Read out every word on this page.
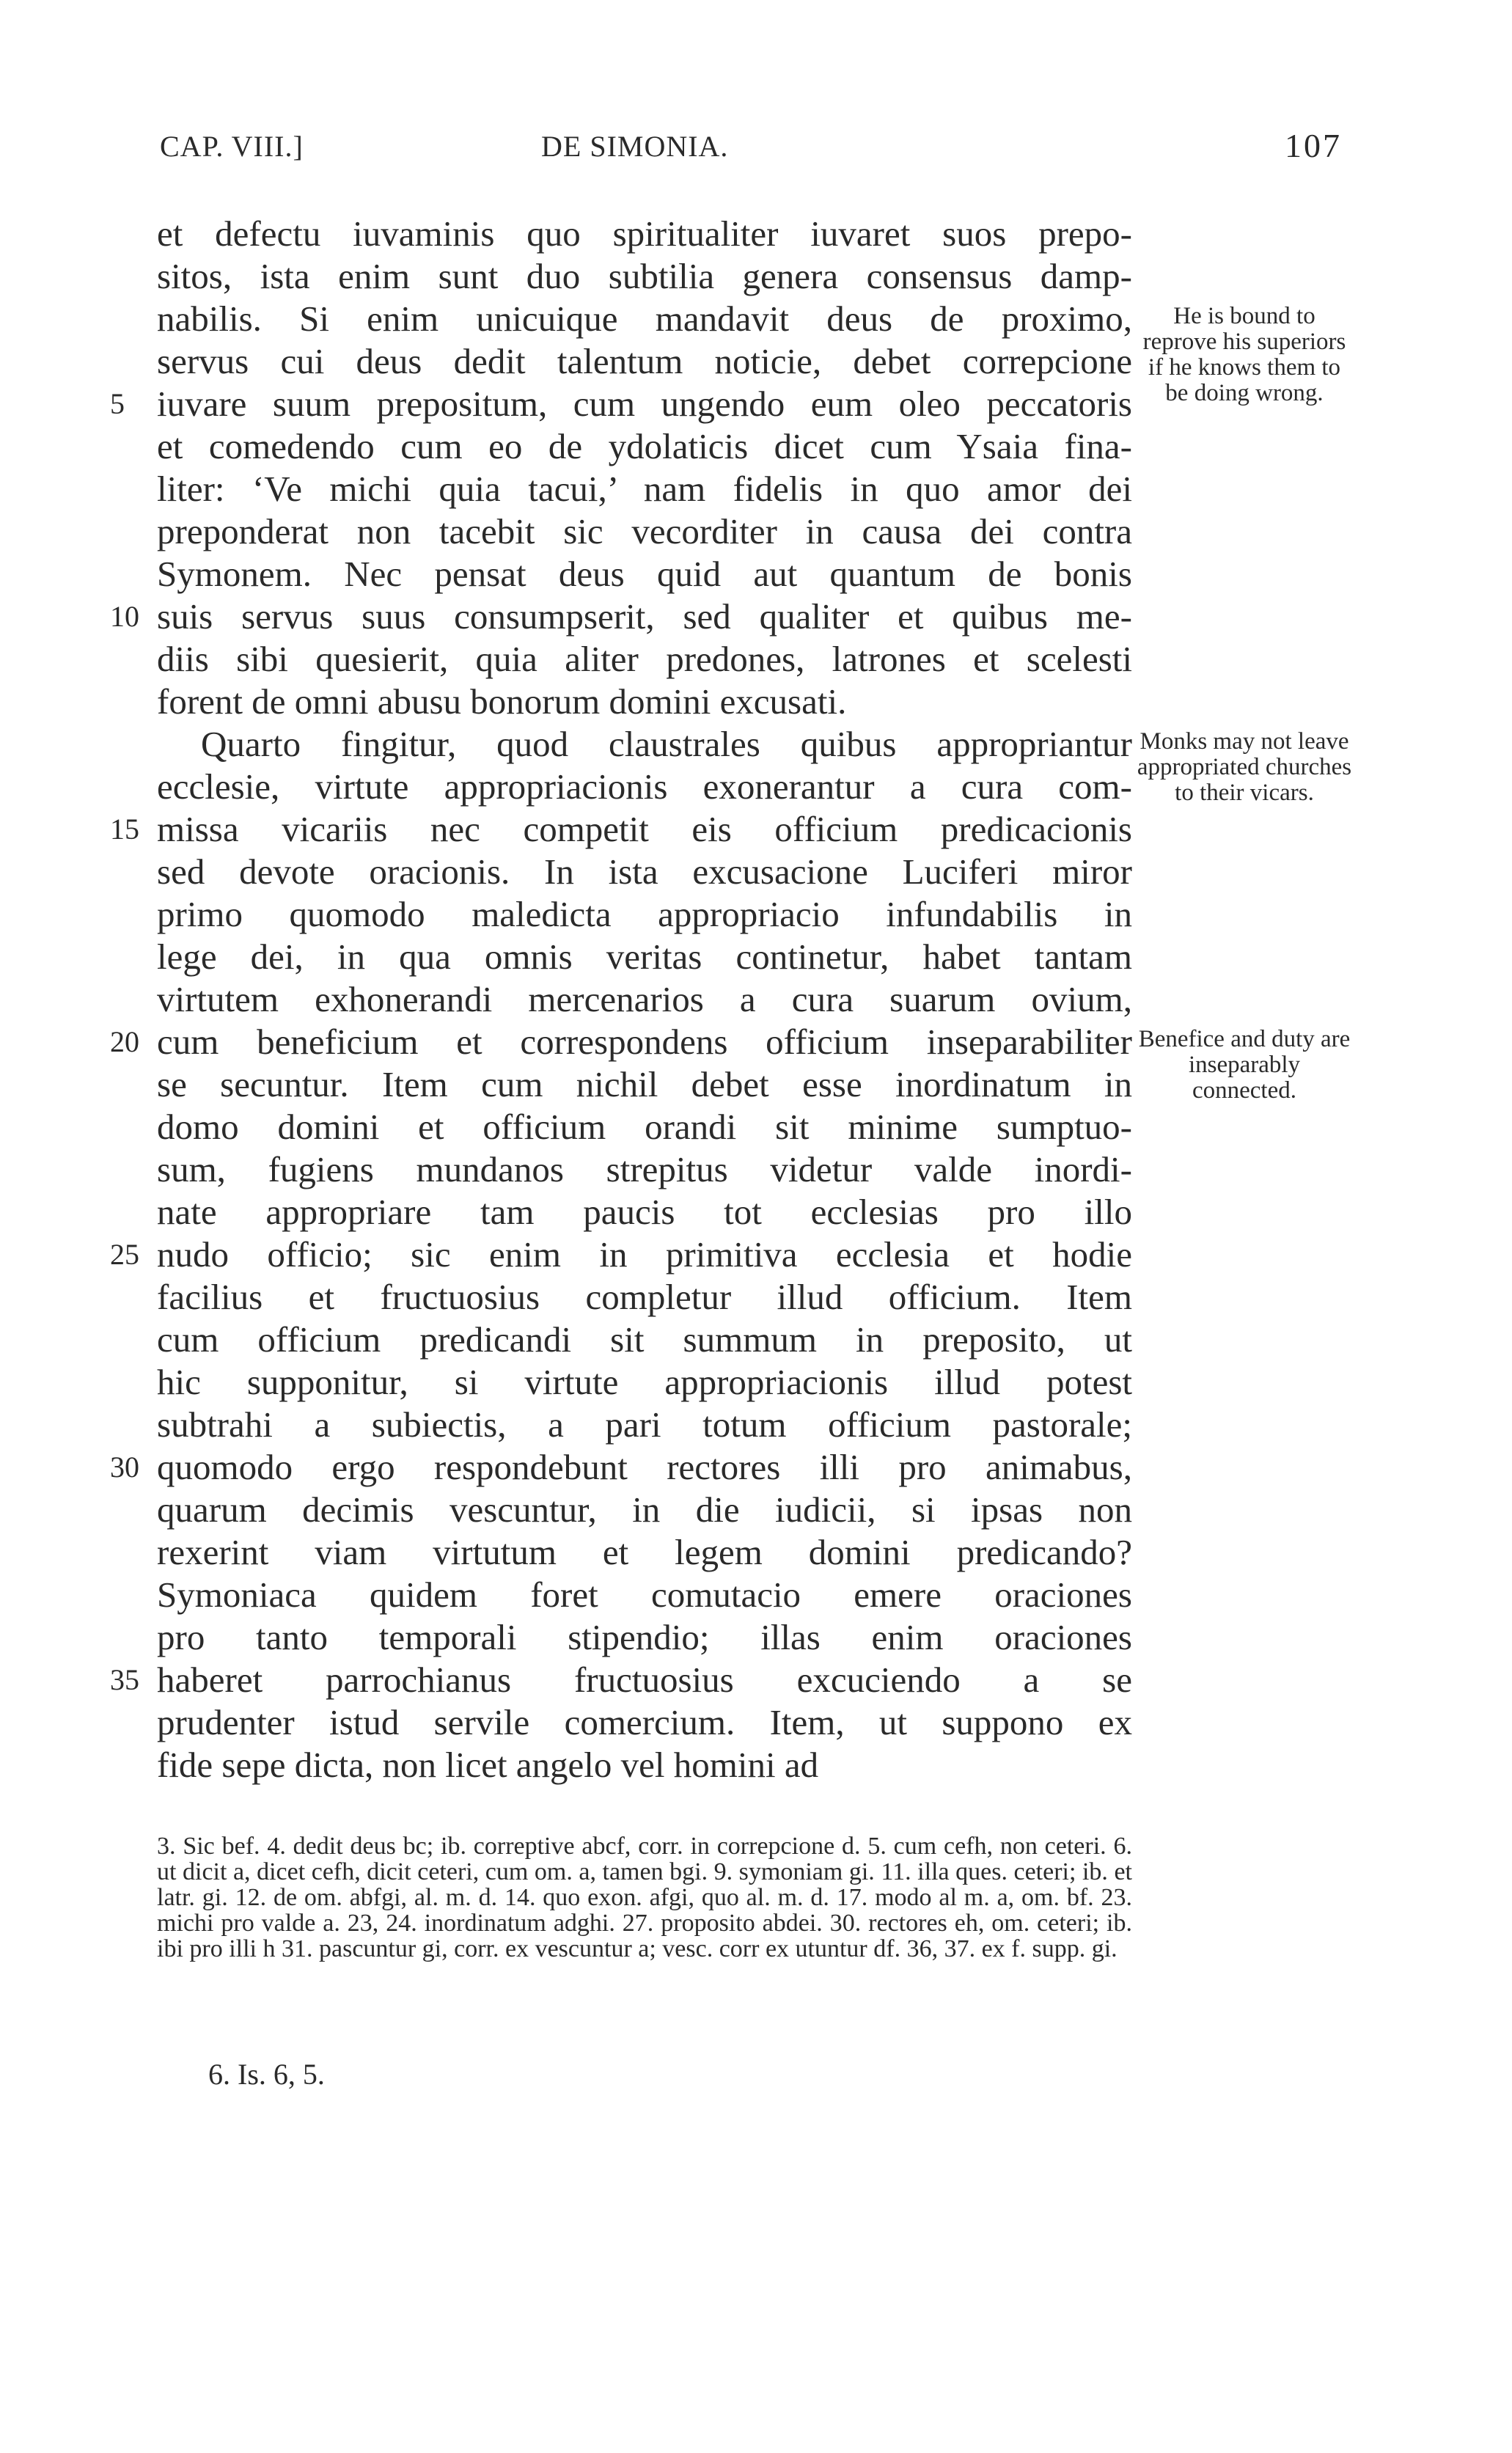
CAP. VIII.]	DE SIMONIA.	107
et defectu iuvaminis quo spiritualiter iuvaret suos prepo-
sitos, ista enim sunt duo subtilia genera consensus damp-
nabilis. Si enim unicuique mandavit deus de proximo,
servus cui deus dedit talentum noticie, debet correpcione
iuvare suum prepositum, cum ungendo eum oleo peccatoris
5
et comedendo cum eo de ydolaticis dicet cum Ysaia fina-
liter: ‘Ve michi quia tacui,’ nam fidelis in quo amor dei
preponderat non tacebit sic vecorditer in causa dei contra
Symonem. Nec pensat deus quid aut quantum de bonis
suis servus suus consumpserit, sed qualiter et quibus me-
10
diis sibi quesierit, quia aliter predones, latrones et scelesti
forent de omni abusu bonorum domini excusati.
Quarto fingitur, quod claustrales quibus appropriantur
ecclesie, virtute appropriacionis exonerantur a cura com-
missa vicariis nec competit eis officium predicacionis
15
sed devote oracionis. In ista excusacione Luciferi miror
primo quomodo maledicta appropriacio infundabilis in
lege dei, in qua omnis veritas continetur, habet tantam
virtutem exhonerandi mercenarios a cura suarum ovium,
cum beneficium et correspondens officium inseparabiliter
20
se secuntur. Item cum nichil debet esse inordinatum in
domo domini et officium orandi sit minime sumptuo-
sum, fugiens mundanos strepitus videtur valde inordi-
nate appropriare tam paucis tot ecclesias pro illo
nudo officio; sic enim in primitiva ecclesia et hodie
25
facilius et fructuosius completur illud officium. Item
cum officium predicandi sit summum in preposito, ut
hic supponitur, si virtute appropriacionis illud potest
subtrahi a subiectis, a pari totum officium pastorale;
quomodo ergo respondebunt rectores illi pro animabus,
30
quarum decimis vescuntur, in die iudicii, si ipsas non
rexerint viam virtutum et legem domini predicando?
Symoniaca quidem foret comutacio emere oraciones
pro tanto temporali stipendio; illas enim oraciones
haberet parrochianus fructuosius excuciendo a se
35
prudenter istud servile comercium. Item, ut suppono ex
fide sepe dicta, non licet angelo vel homini ad
He is bound to reprove his superiors if he knows them to be doing wrong.
Monks may not leave appropriated churches to their vicars.
Benefice and duty are inseparably connected.

3. Sic bef. 4. dedit deus bc; ib. correptive abcf, corr. in correpcione d. 5. cum cefh, non ceteri. 6. ut dicit a, dicet cefh, dicit ceteri, cum om. a, tamen bgi. 9. symoniam gi. 11. illa ques. ceteri; ib. et latr. gi. 12. de om. abfgi, al. m. d. 14. quo exon. afgi, quo al. m. d. 17. modo al m. a, om. bf. 23. michi pro valde a. 23, 24. inordinatum adghi. 27. proposito abdei. 30. rectores eh, om. ceteri; ib. ibi pro illi h 31. pascuntur gi, corr. ex vescuntur a; vesc. corr ex utuntur df. 36, 37. ex f. supp. gi.

6. Is. 6, 5.
